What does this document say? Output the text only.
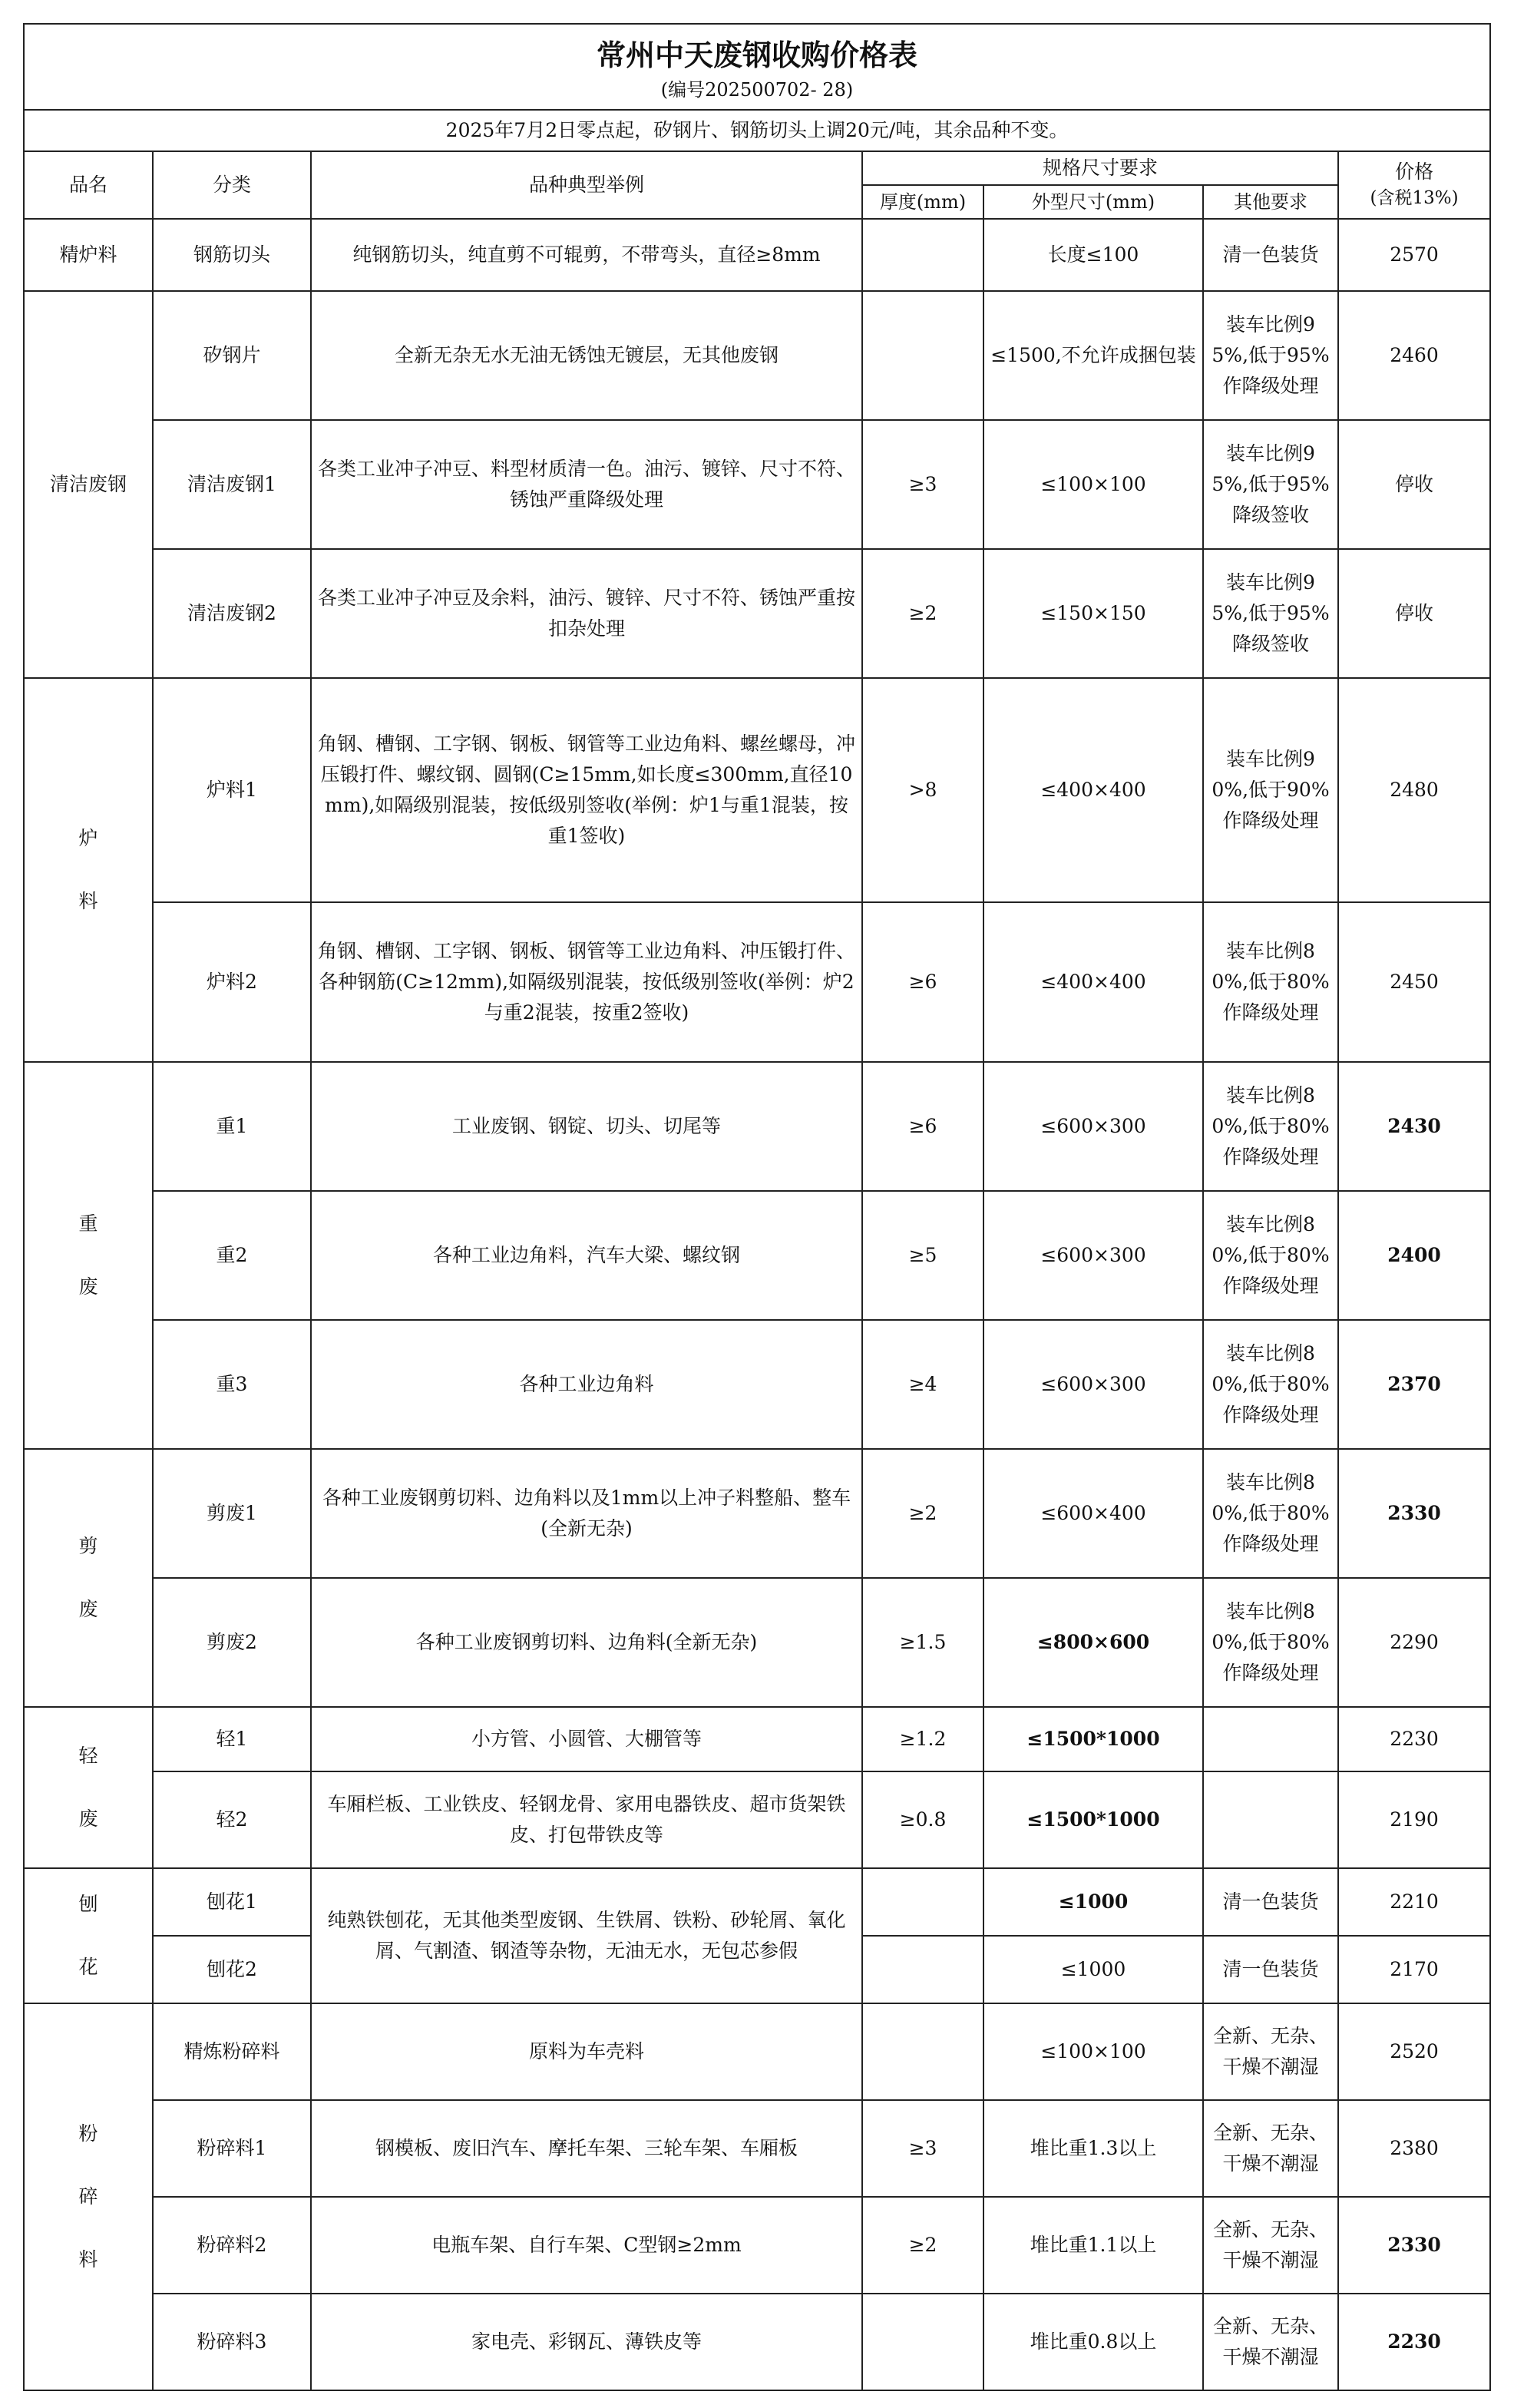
常州中天废钢收购价格表
(编号202500702- 28)						

2025年7月2日零点起，矽钢片、钢筋切头上调20元/吨，其余品种不变。						
品名	分类	品种典型举例	规格尺寸要求			价格
(含税13%)

			厚度(mm)	外型尺寸(mm)	其他要求	
精炉料	钢筋切头	纯钢筋切头，纯直剪不可辊剪，不带弯头，直径≥8mm		长度≤100	清一色装货	2570
清洁废钢	矽钢片	全新无杂无水无油无锈蚀无镀层，无其他废钢		≤1500,不允许成捆包装	装车比例95%,低于95%作降级处理	2460
	清洁废钢1	各类工业冲子冲豆、料型材质清一色。油污、镀锌、尺寸不符、锈蚀严重降级处理	≥3	≤100×100	装车比例95%,低于95%降级签收	停收
	清洁废钢2	各类工业冲子冲豆及余料，油污、镀锌、尺寸不符、锈蚀严重按扣杂处理	≥2	≤150×150	装车比例95%,低于95%降级签收	停收

炉
料	炉料1	角钢、槽钢、工字钢、钢板、钢管等工业边角料、螺丝螺母，冲压锻打件、螺纹钢、圆钢(C≥15mm,如长度≤300mm,直径10mm),如隔级别混装，按低级别签收(举例：炉1与重1混装，按重1签收)	>8	≤400×400	装车比例90%,低于90%作降级处理	2480
	炉料2	角钢、槽钢、工字钢、钢板、钢管等工业边角料、冲压锻打件、各种钢筋(C≥12mm),如隔级别混装，按低级别签收(举例：炉2与重2混装，按重2签收)	≥6	≤400×400	装车比例80%,低于80%作降级处理	2450

重
废	重1	工业废钢、钢锭、切头、切尾等	≥6	≤600×300	装车比例80%,低于80%作降级处理	2430
	重2	各种工业边角料，汽车大梁、螺纹钢	≥5	≤600×300	装车比例80%,低于80%作降级处理	2400
	重3	各种工业边角料	≥4	≤600×300	装车比例80%,低于80%作降级处理	2370

剪
废	剪废1	各种工业废钢剪切料、边角料以及1mm以上冲子料整船、整车(全新无杂)	≥2	≤600×400	装车比例80%,低于80%作降级处理	2330
	剪废2	各种工业废钢剪切料、边角料(全新无杂)	≥1.5	≤800×600	装车比例80%,低于80%作降级处理	2290

轻
废	轻1	小方管、小圆管、大棚管等	≥1.2	≤1500*1000		2230
	轻2	车厢栏板、工业铁皮、轻钢龙骨、家用电器铁皮、超市货架铁皮、打包带铁皮等	≥0.8	≤1500*1000		2190

刨
花	刨花1	纯熟铁刨花，无其他类型废钢、生铁屑、铁粉、砂轮屑、氧化屑、气割渣、钢渣等杂物，无油无水，无包芯参假		≤1000	清一色装货	2210
	刨花2			≤1000	清一色装货	2170

粉
碎
料	精炼粉碎料	原料为车壳料		≤100×100	全新、无杂、干燥不潮湿	2520
	粉碎料1	钢模板、废旧汽车、摩托车架、三轮车架、车厢板	≥3	堆比重1.3以上	全新、无杂、干燥不潮湿	2380
	粉碎料2	电瓶车架、自行车架、C型钢≥2mm	≥2	堆比重1.1以上	全新、无杂、干燥不潮湿	2330
	粉碎料3	家电壳、彩钢瓦、薄铁皮等		堆比重0.8以上	全新、无杂、干燥不潮湿	2230
